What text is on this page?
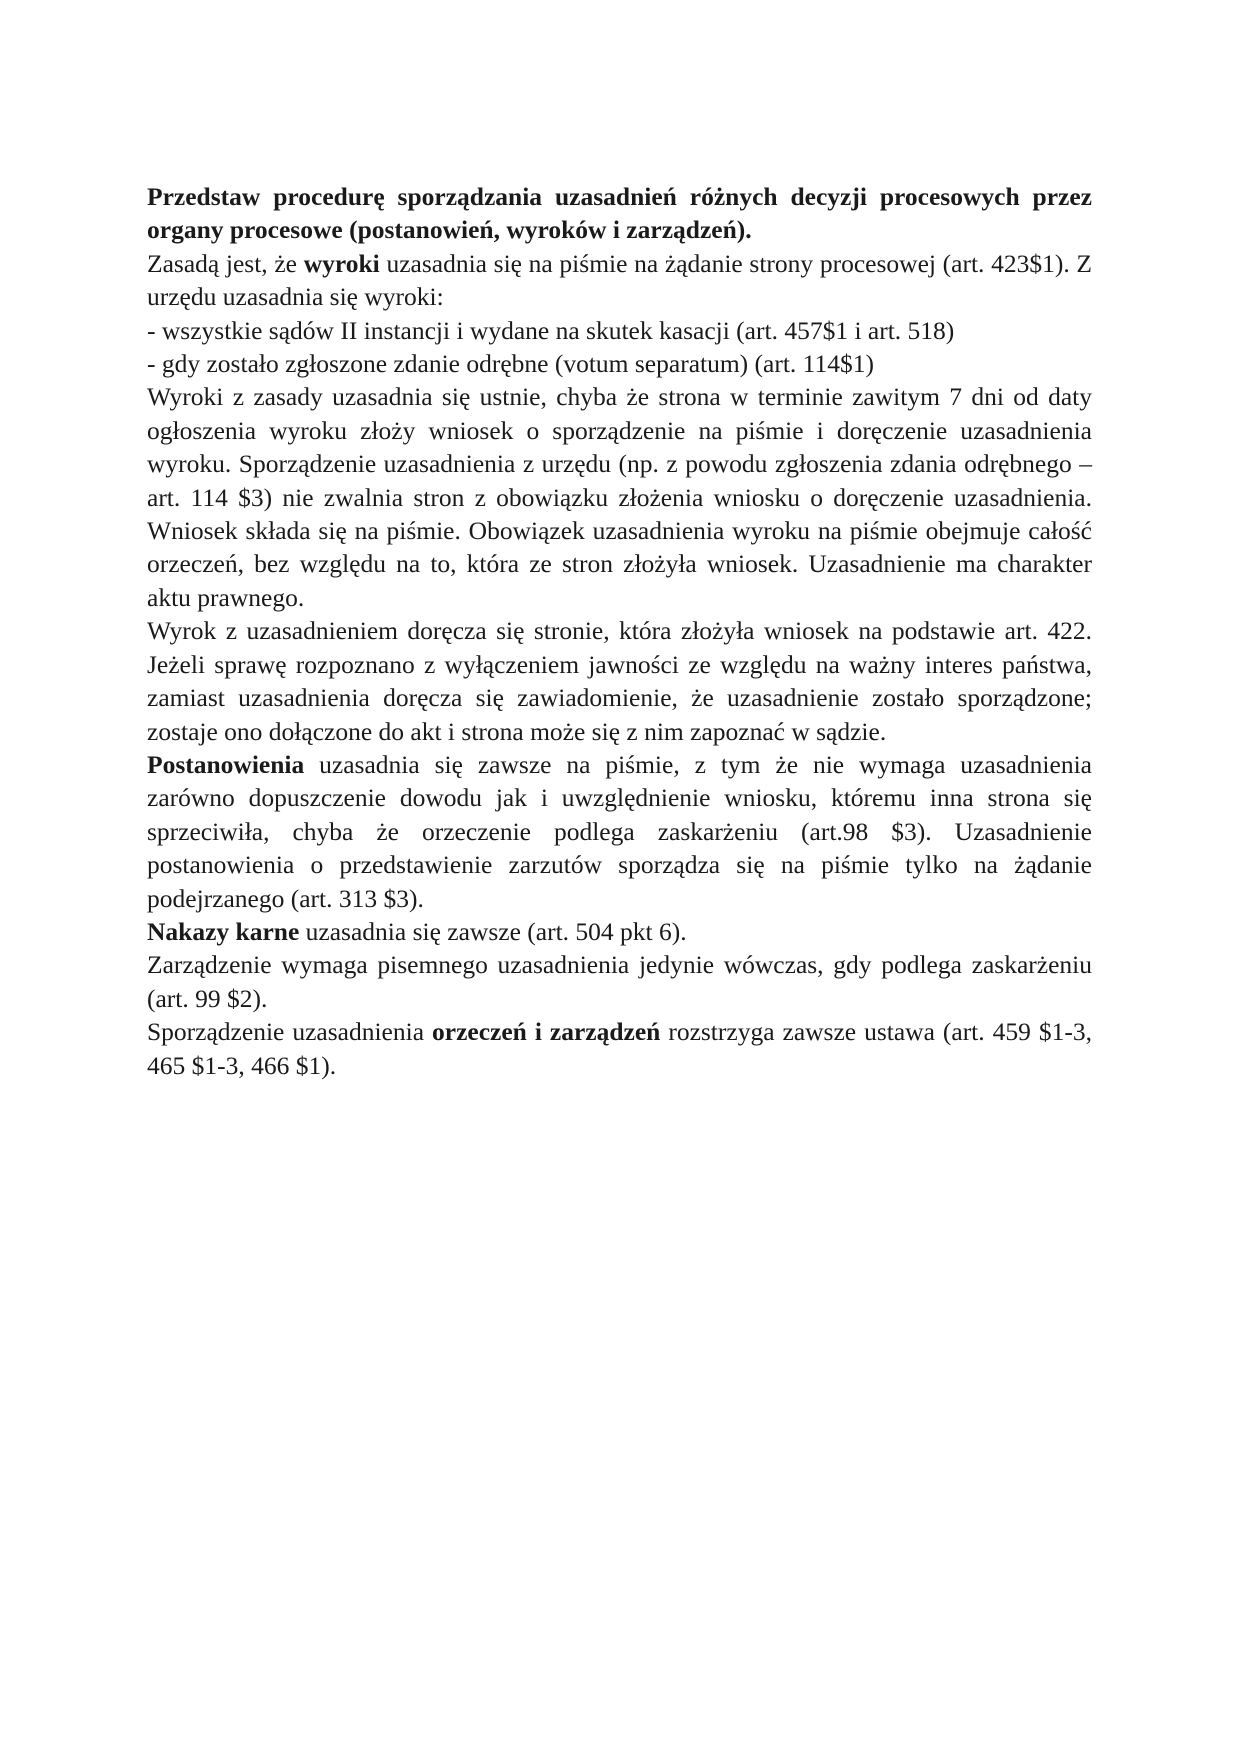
Przedstaw procedurę sporządzania uzasadnień różnych decyzji procesowych przez organy procesowe (postanowień, wyroków i zarządzeń).

Zasadą jest, że wyroki uzasadnia się na piśmie na żądanie strony procesowej (art. 423$1). Z urzędu uzasadnia się wyroki:

- wszystkie sądów II instancji i wydane na skutek kasacji (art. 457$1 i art. 518)

- gdy zostało zgłoszone zdanie odrębne (votum separatum) (art. 114$1)

Wyroki z zasady uzasadnia się ustnie, chyba że strona w terminie zawitym 7 dni od daty ogłoszenia wyroku złoży wniosek o sporządzenie na piśmie i doręczenie uzasadnienia wyroku. Sporządzenie uzasadnienia z urzędu (np. z powodu zgłoszenia zdania odrębnego – art. 114 $3) nie zwalnia stron z obowiązku złożenia wniosku o doręczenie uzasadnienia. Wniosek składa się na piśmie. Obowiązek uzasadnienia wyroku na piśmie obejmuje całość orzeczeń, bez względu na to, która ze stron złożyła wniosek. Uzasadnienie ma charakter aktu prawnego.

Wyrok z uzasadnieniem doręcza się stronie, która złożyła wniosek na podstawie art. 422. Jeżeli sprawę rozpoznano z wyłączeniem jawności ze względu na ważny interes państwa, zamiast uzasadnienia doręcza się zawiadomienie, że uzasadnienie zostało sporządzone; zostaje ono dołączone do akt i strona może się z nim zapoznać w sądzie.

Postanowienia uzasadnia się zawsze na piśmie, z tym że nie wymaga uzasadnienia zarówno dopuszczenie dowodu jak i uwzględnienie wniosku, któremu inna strona się sprzeciwiła, chyba że orzeczenie podlega zaskarżeniu (art.98 $3). Uzasadnienie postanowienia o przedstawienie zarzutów sporządza się na piśmie tylko na żądanie podejrzanego (art. 313 $3).

Nakazy karne uzasadnia się zawsze (art. 504 pkt 6).

Zarządzenie wymaga pisemnego uzasadnienia jedynie wówczas, gdy podlega zaskarżeniu (art. 99 $2).

Sporządzenie uzasadnienia orzeczeń i zarządzeń rozstrzyga zawsze ustawa (art. 459 $1-3, 465 $1-3, 466 $1).
